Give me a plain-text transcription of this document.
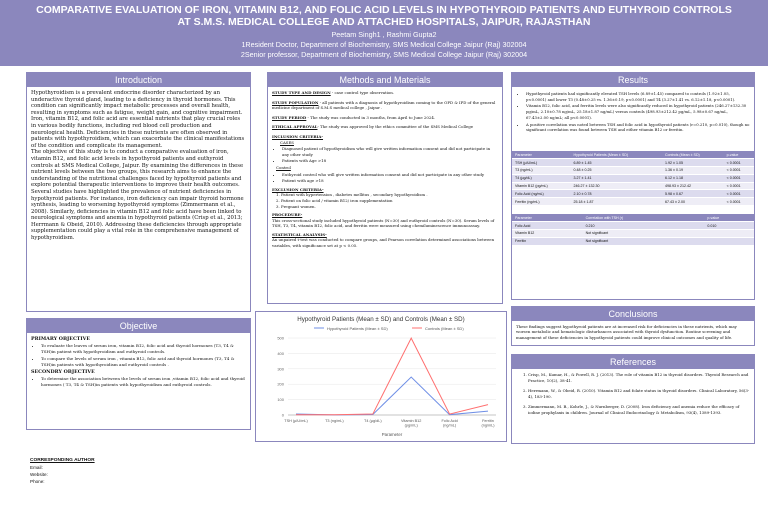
COMPARATIVE EVALUATION OF IRON, VITAMIN B12, AND FOLIC ACID LEVELS IN HYPOTHYROID PATIENTS AND EUTHYROID CONTROLS
AT S.M.S. MEDICAL COLLEGE AND ATTACHED HOSPITALS, JAIPUR, RAJASTHAN
Peetam Singh1 , Rashmi Gupta2
1Resident Doctor, Department of Biochemistry, SMS Medical College Jaipur (Raj) 302004
2Senior professor, Department of Biochemistry, SMS Medical College Jaipur (Raj) 302004
Introduction

Hypothyroidism is a prevalent endocrine disorder characterized by an underactive thyroid gland, leading to a deficiency in thyroid hormones. This condition can significantly impact metabolic processes and overall health, resulting in symptoms such as fatigue, weight gain, and cognitive impairment. Iron, vitamin B12, and folic acid are essential nutrients that play crucial roles in various bodily functions, including red blood cell production and neurological health. Deficiencies in these nutrients are often observed in patients with hypothyroidism, which can exacerbate the clinical manifestations of the condition and complicate its management.

The objective of this study is to conduct a comparative evaluation of iron, vitamin B12, and folic acid levels in hypothyroid patients and euthyroid controls at SMS Medical College, Jaipur. By examining the differences in these nutrient levels between the two groups, this research aims to enhance the understanding of the nutritional challenges faced by hypothyroid patients and explore potential therapeutic interventions to improve their health outcomes.

Several studies have highlighted the prevalence of nutrient deficiencies in hypothyroid patients. For instance, iron deficiency can impair thyroid hormone synthesis, leading to worsening hypothyroid symptoms (Zimmermann et al., 2008). Similarly, deficiencies in vitamin B12 and folic acid have been linked to neurological symptoms and anemia in hypothyroid patients (Crisp et al., 2013; Herrmann & Obeid, 2010). Addressing these deficiencies through appropriate supplementation could play a vital role in the comprehensive management of hypothyroidism.

Objective
PRIMARY OBJECTIVE
• To evaluate the leaves of serum iron, vitamin B12, folic acid and thyroid hormones (T3, T4 & TSH)in patient with hypothyroidism and euthyroid controls.
• To compare the levels of serum iron , vitamin B12, folic acid and thyroid hormones (T3, T4 & TSH)in patients with hypothyroidism and euthyroid controls .
SECONDRY OBJECTIVE
• To determine the association between the levels of serum iron ,vitamin B12, folic acid and thyroid hormones ( T3, T4 & TSH)in patients with hypothyroidism and euthyroid controls.
Methods and Materials

STUDY TYPE AND DESIGN - case control type observation.

STUDY POPULATION - all patients with a diagnosis of hypothyroidism coming to the OPD & IPD of the general medicine department of S.M.S medical college , Jaipur .

STUDY PERIOD - The study was conducted in 3 months, from April to June 2024.

ETHICAL APPROVAL- The study was approved by the ethics committee of the SMS Medical College

INCLUSION CRITERIA-
CASES
• Diagnosed patient of hypothyroidism who will give written information consent and did not participate in any other study
• Patients with Age >18
Control
• Euthyroid control who will give written information consent and did not participate in any other study
• Patient with age >18
EXCLUSION CRITERIA-
1. Patient with hypertension , diabetes mellitus , secondary hypothyroidism .
2. Patient on folic acid / vitamin B12/ iron supplementation
3. Pregnant women.
PROCEDURE-

This cross-sectional study included hypothyroid patients (N=30) and euthyroid controls (N=30). Serum levels of TSH, T3, T4, vitamin B12, folic acid, and ferritin were measured using chemiluminescence immunoassay.

STATISTICAL ANALYSIS-

An unpaired t-test was conducted to compare groups, and Pearson correlation determined associations between variables, with significance set at p < 0.05.

Hypothyroid Patients (Mean ± SD) and Controls (Mean ± SD)
Hypothyroid Patients (Mean ± SD)	Controls (Mean ± SD)
0
100
200
300
400
500
TSH (µIU/mL)	T3 (ng/mL)	T4 (µg/dL)	Vitamin B12 (pg/mL)
Folic Acid (ng/mL)
Ferritin (ng/mL)
Parameter
Results
• Hypothyroid patients had significantly elevated TSH levels (6.89±1.45) compared to controls (1.92±1.05, p<0.0001) and lower T3 (0.48±0.25 vs. 1.36±0.19, p<0.0001) and T4 (3.27±1.41 vs. 6.12±1.18, p<0.0001).
• Vitamin B12, folic acid, and ferritin levels were also significantly reduced in hypothyroid patients (246.27±132.30 pg/mL, 2.10±0.78 ng/mL, 25.18±1.87 ng/mL) versus controls (498.93±212.42 pg/mL, 5.98±0.67 ng/mL, 67.43±2.00 ng/mL; all p<0.0001).
• A positive correlation was noted between TSH and folic acid in hypothyroid patients (r=0.210, p=0.010), though no significant correlation was found between TSH and either vitamin B12 or ferritin.
Parameter	Hypothyroid Patients (Mean ± SD)	Controls (Mean ± SD)	p-value
TSH (µIU/mL)	6.89 ± 1.45	1.92 ± 1.05	< 0.0001
T3 (ng/mL)	0.48 ± 0.25	1.36 ± 0.19	< 0.0001
T4 (µg/dL)	3.27 ± 1.41	6.12 ± 1.18	< 0.0001
Vitamin B12 (pg/mL)	246.27 ± 132.30	498.93 ± 212.42	< 0.0001
Folic Acid (ng/mL)	2.10 ± 0.78	5.98 ± 0.67	< 0.0001
Ferritin (ng/mL)	25.18 ± 1.87	67.43 ± 2.00	< 0.0001
Parameter	Correlation with TSH (r)	p-value
Folic Acid	0.210	0.010
Vitamin B12	Not significant	
Ferritin	Not significant	
Conclusions

These findings suggest hypothyroid patients are at increased risk for deficiencies in these nutrients, which may worsen metabolic and hematologic disturbances associated with thyroid dysfunction. Routine screening and management of these deficiencies in hypothyroid patients could improve clinical outcomes and quality of life.

References
1. Crisp, M., Kumar, H., & Powell, R. J. (2013). The role of vitamin B12 in thyroid disorders. Thyroid Research and Practice, 10(2), 38-41.
2. Herrmann, W., & Obeid, R. (2010). Vitamin B12 and folate status in thyroid disorders. Clinical Laboratory, 56(3-4), 183-190.
3. Zimmermann, M. B., Kohrle, J., & Nurnberger, D. (2008). Iron deficiency and anemia reduce the efficacy of iodine prophylaxis in children. Journal of Clinical Endocrinology & Metabolism, 93(4), 1389-1393.
CORRESPONDING AUTHOR
Email:
Website:
Phone:
